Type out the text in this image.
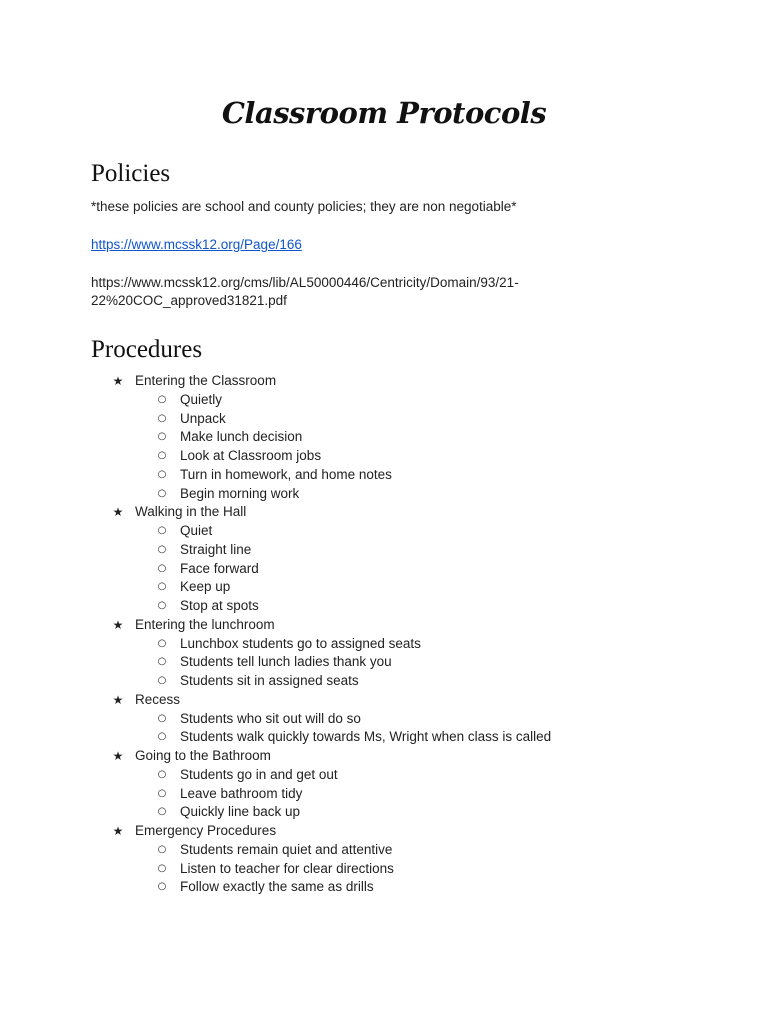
Classroom Protocols
Policies

*these policies are school and county policies; they are non negotiable*

https://www.mcssk12.org/Page/166

https://www.mcssk12.org/cms/lib/AL50000446/Centricity/Domain/93/21-

22%20COC_approved31821.pdf

Procedures
★ Entering the Classroom
○ Quietly
○ Unpack
○ Make lunch decision
○ Look at Classroom jobs
○ Turn in homework, and home notes
○ Begin morning work
★ Walking in the Hall
○ Quiet
○ Straight line
○ Face forward
○ Keep up
○ Stop at spots
★ Entering the lunchroom
○ Lunchbox students go to assigned seats
○ Students tell lunch ladies thank you
○ Students sit in assigned seats
★ Recess
○ Students who sit out will do so
○ Students walk quickly towards Ms, Wright when class is called
★ Going to the Bathroom
○ Students go in and get out
○ Leave bathroom tidy
○ Quickly line back up
★ Emergency Procedures
○ Students remain quiet and attentive
○ Listen to teacher for clear directions
○ Follow exactly the same as drills
